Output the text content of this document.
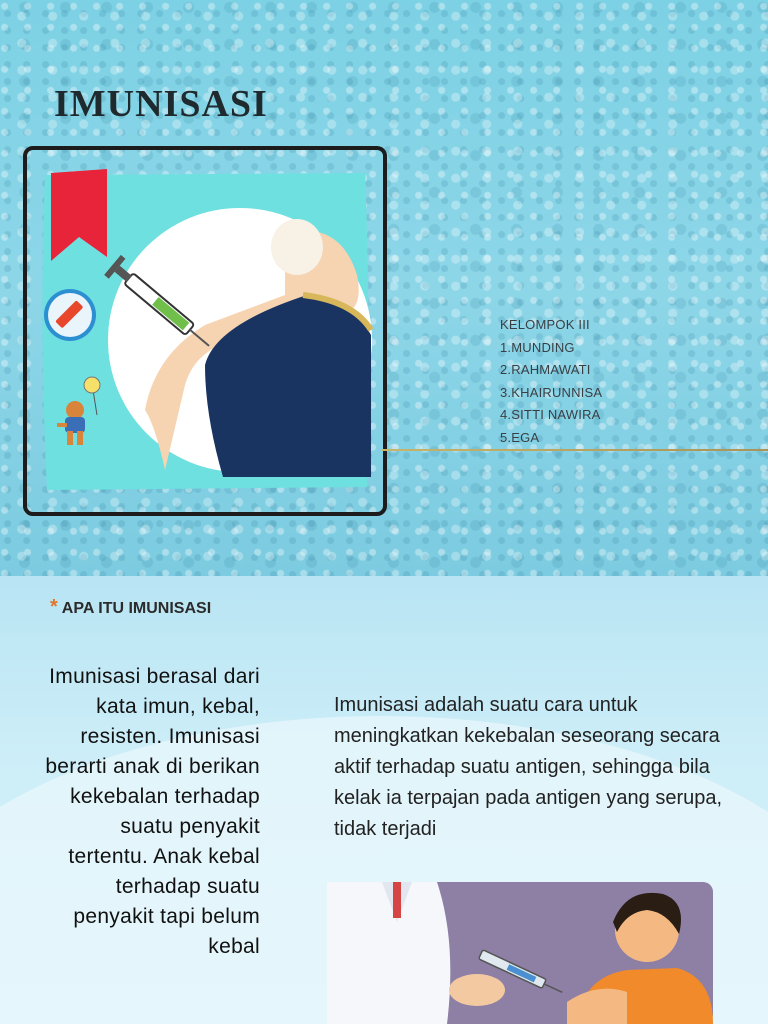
IMUNISASI
KELOMPOK III
1.MUNDING
2.RAHMAWATI
3.KHAIRUNNISA
4.SITTI NAWIRA
5.EGA
* APA ITU IMUNISASI
Imunisasi berasal dari kata imun, kebal, resisten. Imunisasi berarti anak di berikan kekebalan terhadap suatu penyakit tertentu. Anak kebal terhadap suatu penyakit tapi belum kebal
Imunisasi adalah suatu cara untuk meningkatkan kekebalan seseorang secara aktif terhadap suatu antigen, sehingga bila kelak ia terpajan pada antigen yang serupa, tidak terjadi
